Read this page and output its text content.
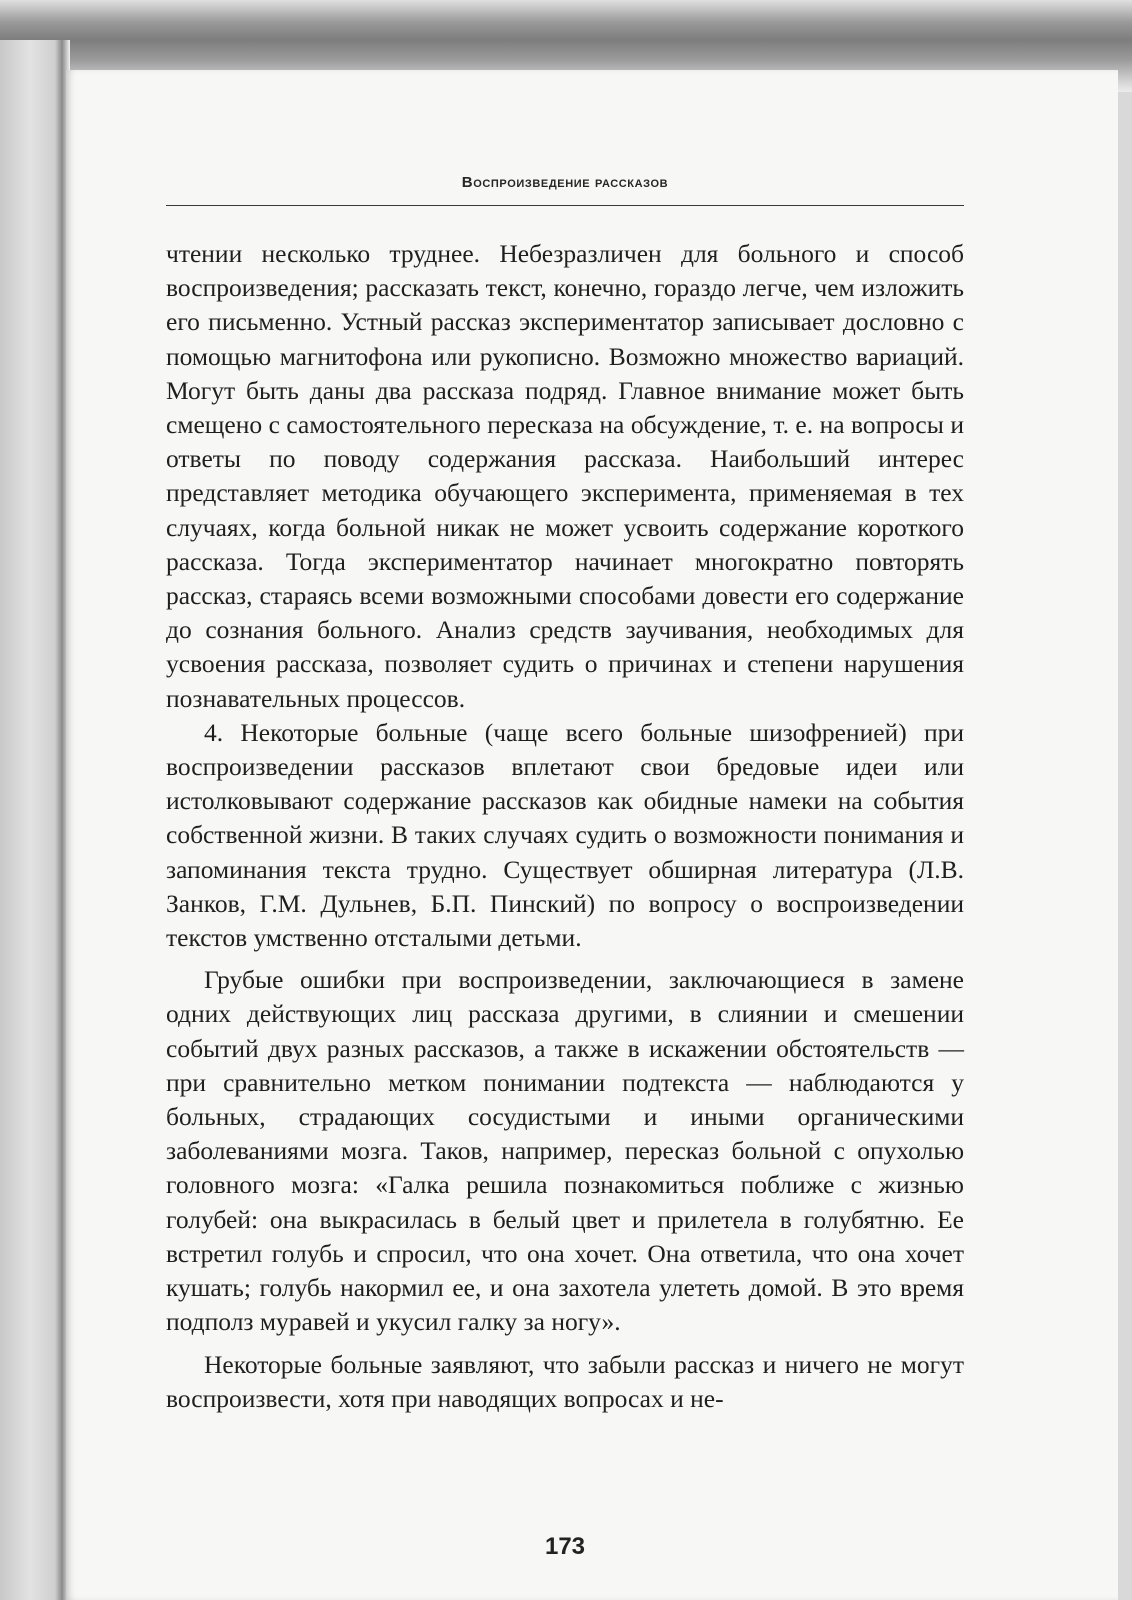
Воспроизведение рассказов

чтении несколько труднее. Небезразличен для больного и способ воспроизведения; рассказать текст, конечно, гораздо легче, чем изложить его письменно. Устный рассказ экспериментатор записывает дословно с помощью магнитофона или рукописно. Возможно множество вариаций. Могут быть даны два рассказа подряд. Главное внимание может быть смещено с самостоятельного пересказа на обсуждение, т. е. на вопросы и ответы по поводу содержания рассказа. Наибольший интерес представляет методика обучающего эксперимента, применяемая в тех случаях, когда больной никак не может усвоить содержание короткого рассказа. Тогда экспериментатор начинает многократно повторять рассказ, стараясь всеми возможными способами довести его содержание до сознания больного. Анализ средств заучивания, необходимых для усвоения рассказа, позволяет судить о причинах и степени нарушения познавательных процессов.

4. Некоторые больные (чаще всего больные шизофренией) при воспроизведении рассказов вплетают свои бредовые идеи или истолковывают содержание рассказов как обидные намеки на события собственной жизни. В таких случаях судить о возможности понимания и запоминания текста трудно. Существует обширная литература (Л.В. Занков, Г.М. Дульнев, Б.П. Пинский) по вопросу о воспроизведении текстов умственно отсталыми детьми.

Грубые ошибки при воспроизведении, заключающиеся в замене одних действующих лиц рассказа другими, в слиянии и смешении событий двух разных рассказов, а также в искажении обстоятельств — при сравнительно метком понимании подтекста — наблюдаются у больных, страдающих сосудистыми и иными органическими заболеваниями мозга. Таков, например, пересказ больной с опухолью головного мозга: «Галка решила познакомиться поближе с жизнью голубей: она выкрасилась в белый цвет и прилетела в голубятню. Ее встретил голубь и спросил, что она хочет. Она ответила, что она хочет кушать; голубь накормил ее, и она захотела улететь домой. В это время подполз муравей и укусил галку за ногу».

Некоторые больные заявляют, что забыли рассказ и ничего не могут воспроизвести, хотя при наводящих вопросах и не-

173
